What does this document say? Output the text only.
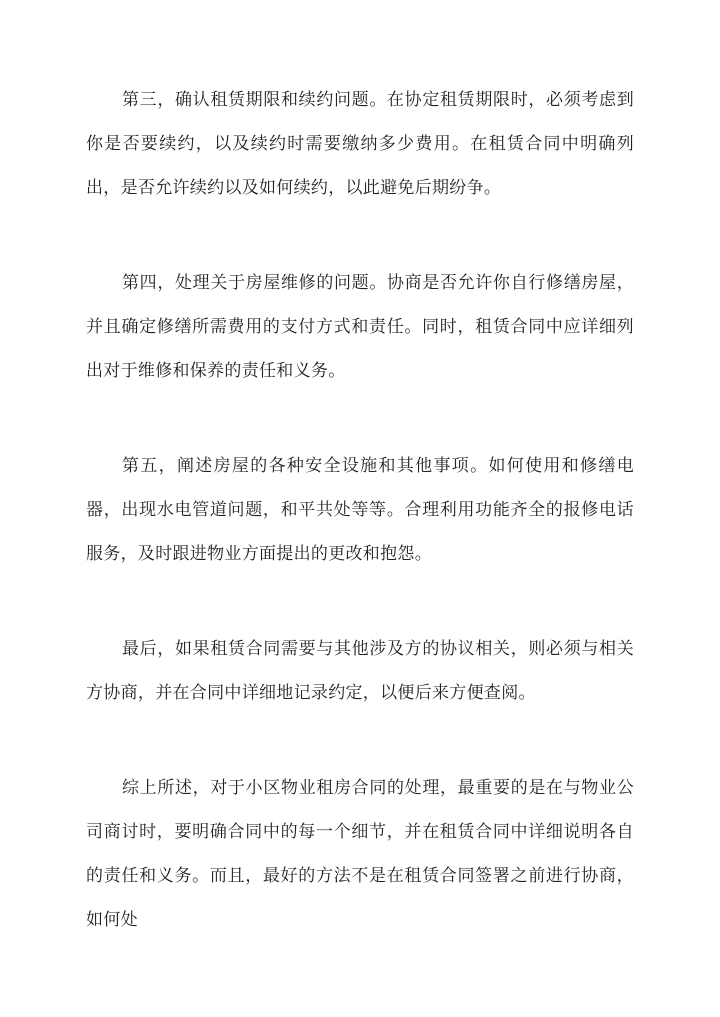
第三，确认租赁期限和续约问题。在协定租赁期限时，必须考虑到你是否要续约，以及续约时需要缴纳多少费用。在租赁合同中明确列出，是否允许续约以及如何续约，以此避免后期纷争。

第四，处理关于房屋维修的问题。协商是否允许你自行修缮房屋，并且确定修缮所需费用的支付方式和责任。同时，租赁合同中应详细列出对于维修和保养的责任和义务。

第五，阐述房屋的各种安全设施和其他事项。如何使用和修缮电器，出现水电管道问题，和平共处等等。合理利用功能齐全的报修电话服务，及时跟进物业方面提出的更改和抱怨。

最后，如果租赁合同需要与其他涉及方的协议相关，则必须与相关方协商，并在合同中详细地记录约定，以便后来方便查阅。

综上所述，对于小区物业租房合同的处理，最重要的是在与物业公司商讨时，要明确合同中的每一个细节，并在租赁合同中详细说明各自的责任和义务。而且，最好的方法不是在租赁合同签署之前进行协商，如何处
